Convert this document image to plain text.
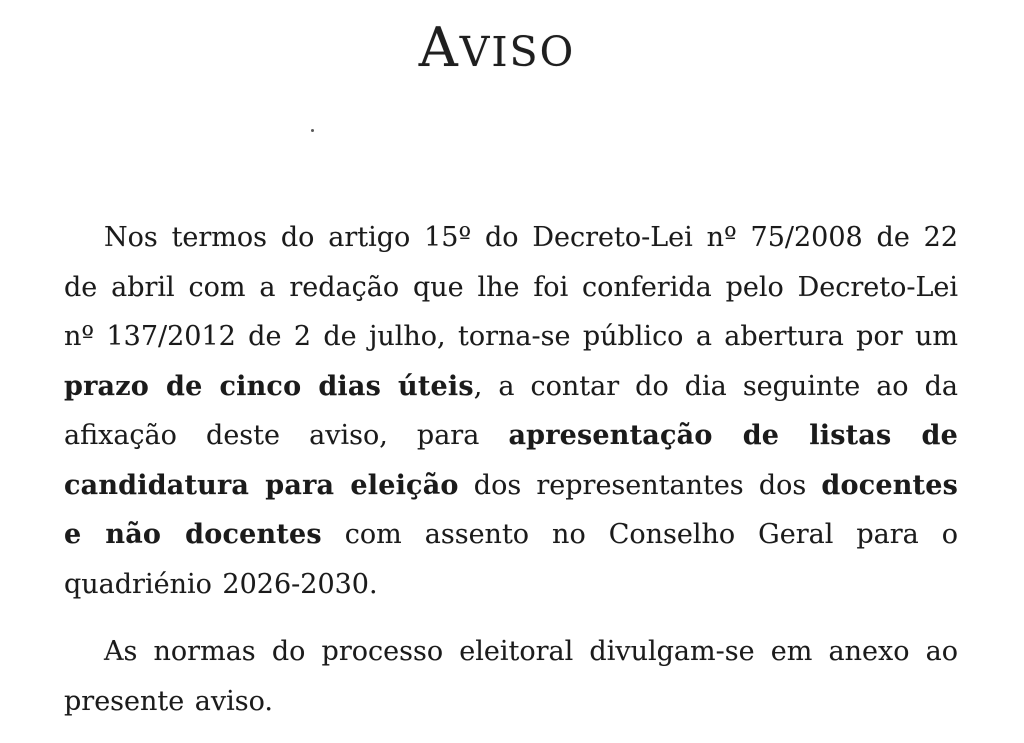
AVISO

Nos termos do artigo 15º do Decreto-Lei nº 75/2008 de 22 de abril com a redação que lhe foi conferida pelo Decreto-Lei nº 137/2012 de 2 de julho, torna-se público a abertura por um prazo de cinco dias úteis, a contar do dia seguinte ao da afixação deste aviso, para apresentação de listas de candidatura para eleição dos representantes dos docentes e não docentes com assento no Conselho Geral para o quadriénio 2026-2030.

As normas do processo eleitoral divulgam-se em anexo ao presente aviso.
